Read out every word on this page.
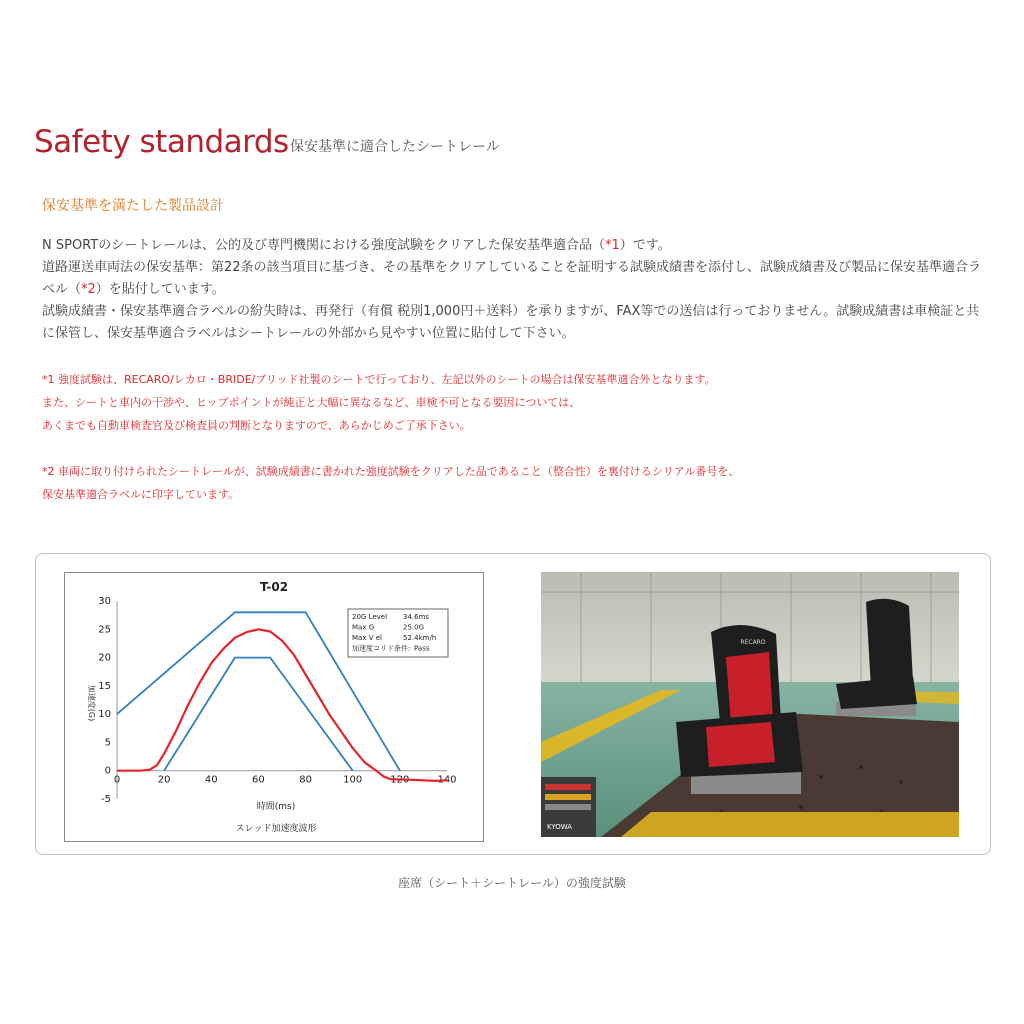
Safety standards 保安基準に適合したシートレール
保安基準を満たした製品設計

N SPORTのシートレールは、公的及び専門機関における強度試験をクリアした保安基準適合品（*1）です。

道路運送車両法の保安基準：第22条の該当項目に基づき、その基準をクリアしていることを証明する試験成績書を添付し、試験成績書及び製品に保安基準適合ラベル（*2）を貼付しています。

試験成績書・保安基準適合ラベルの紛失時は、再発行（有償 税別1,000円＋送料）を承りますが、FAX等での送信は行っておりません。試験成績書は車検証と共に保管し、保安基準適合ラベルはシートレールの外部から見やすい位置に貼付して下さい。

*1 強度試験は、RECARO/レカロ・BRIDE/ブリッド社製のシートで行っており、左記以外のシートの場合は保安基準適合外となります。

また、シートと車内の干渉や、ヒップポイントが純正と大幅に異なるなど、車検不可となる要因については、

あくまでも自動車検査官及び検査員の判断となりますので、あらかじめご了承下さい。

*2 車両に取り付けられたシートレールが、試験成績書に書かれた強度試験をクリアした品であること（整合性）を裏付けるシリアル番号を、

保安基準適合ラベルに印字しています。

T-02
30
25
20
15
10
5
0
-5
0	20	40	60	80	100	120	140
20G Level 34.6ms
Max G	25.0G
Max V el	52.4km/h
加速度コリド条件: Pass
時間(ms)
スレッド加速度波形
加速度(G)
KYOWA
RECARO
座席（シート＋シートレール）の強度試験
